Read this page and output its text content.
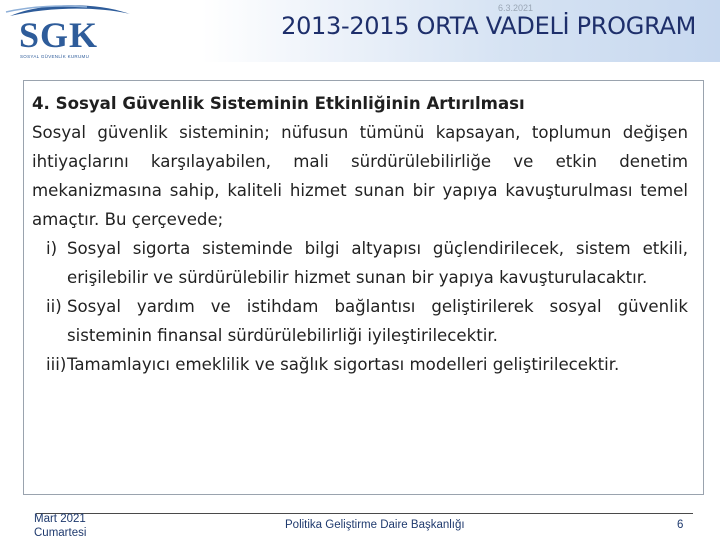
SGK
SOSYAL GÜVENLİK KURUMU
6.3.2021
2013-2015 ORTA VADELİ PROGRAM

4. Sosyal Güvenlik Sisteminin Etkinliğinin Artırılması

Sosyal güvenlik sisteminin; nüfusun tümünü kapsayan, toplumun değişen ihtiyaçlarını karşılayabilen, mali sürdürülebilirliğe ve etkin denetim mekanizmasına sahip, kaliteli hizmet sunan bir yapıya kavuşturulması temel amaçtır. Bu çerçevede;

i) Sosyal sigorta sisteminde bilgi altyapısı güçlendirilecek, sistem etkili, erişilebilir ve sürdürülebilir hizmet sunan bir yapıya kavuşturulacaktır.
ii) Sosyal yardım ve istihdam bağlantısı geliştirilerek sosyal güvenlik sisteminin finansal sürdürülebilirliği iyileştirilecektir.
iii) Tamamlayıcı emeklilik ve sağlık sigortası modelleri geliştirilecektir.
Mart 2021
Cumartesi
Politika Geliştirme Daire Başkanlığı	6
